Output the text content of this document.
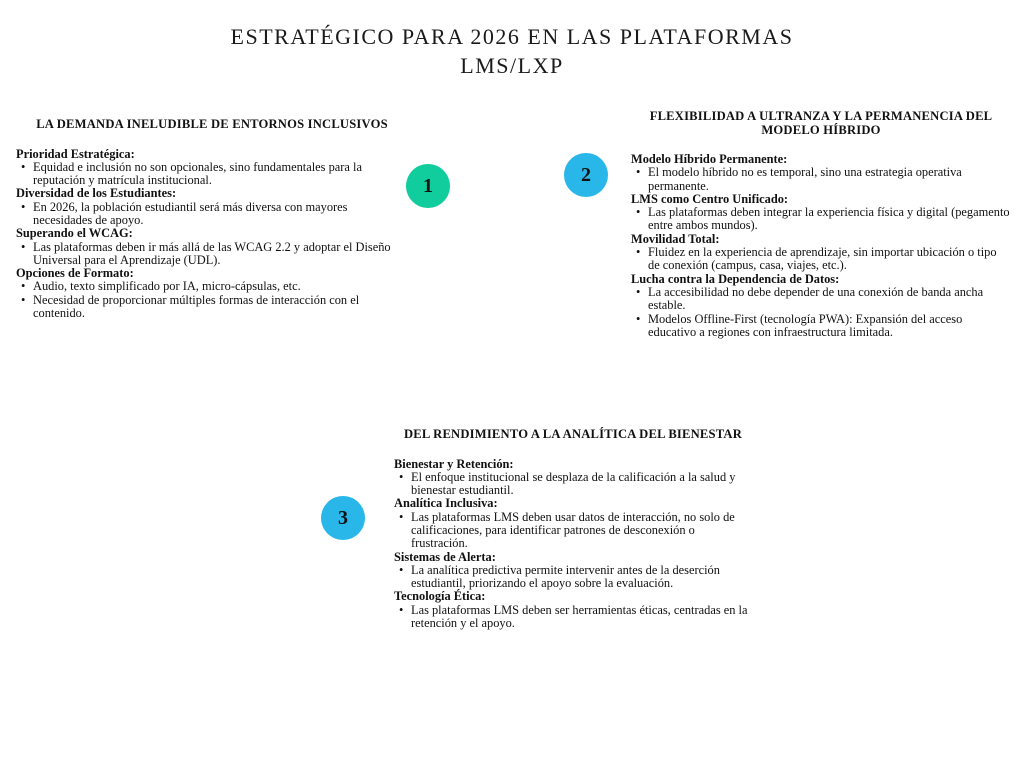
ESTRATÉGICO PARA 2026 EN LAS PLATAFORMAS LMS/LXP
LA DEMANDA INELUDIBLE DE ENTORNOS INCLUSIVOS
Prioridad Estratégica:
• Equidad e inclusión no son opcionales, sino fundamentales para la reputación y matrícula institucional.
Diversidad de los Estudiantes:
• En 2026, la población estudiantil será más diversa con mayores necesidades de apoyo.
Superando el WCAG:
• Las plataformas deben ir más allá de las WCAG 2.2 y adoptar el Diseño Universal para el Aprendizaje (UDL).
Opciones de Formato:
• Audio, texto simplificado por IA, micro-cápsulas, etc.
• Necesidad de proporcionar múltiples formas de interacción con el contenido.
FLEXIBILIDAD A ULTRANZA Y LA PERMANENCIA DEL MODELO HÍBRIDO
Modelo Híbrido Permanente:
• El modelo híbrido no es temporal, sino una estrategia operativa permanente.
LMS como Centro Unificado:
• Las plataformas deben integrar la experiencia física y digital (pegamento entre ambos mundos).
Movilidad Total:
• Fluidez en la experiencia de aprendizaje, sin importar ubicación o tipo de conexión (campus, casa, viajes, etc.).
Lucha contra la Dependencia de Datos:
• La accesibilidad no debe depender de una conexión de banda ancha estable.
• Modelos Offline-First (tecnología PWA): Expansión del acceso educativo a regiones con infraestructura limitada.
DEL RENDIMIENTO A LA ANALÍTICA DEL BIENESTAR
Bienestar y Retención:
• El enfoque institucional se desplaza de la calificación a la salud y bienestar estudiantil.
Analítica Inclusiva:
• Las plataformas LMS deben usar datos de interacción, no solo de calificaciones, para identificar patrones de desconexión o frustración.
Sistemas de Alerta:
• La analítica predictiva permite intervenir antes de la deserción estudiantil, priorizando el apoyo sobre la evaluación.
Tecnología Ética:
• Las plataformas LMS deben ser herramientas éticas, centradas en la retención y el apoyo.
1	2
3
